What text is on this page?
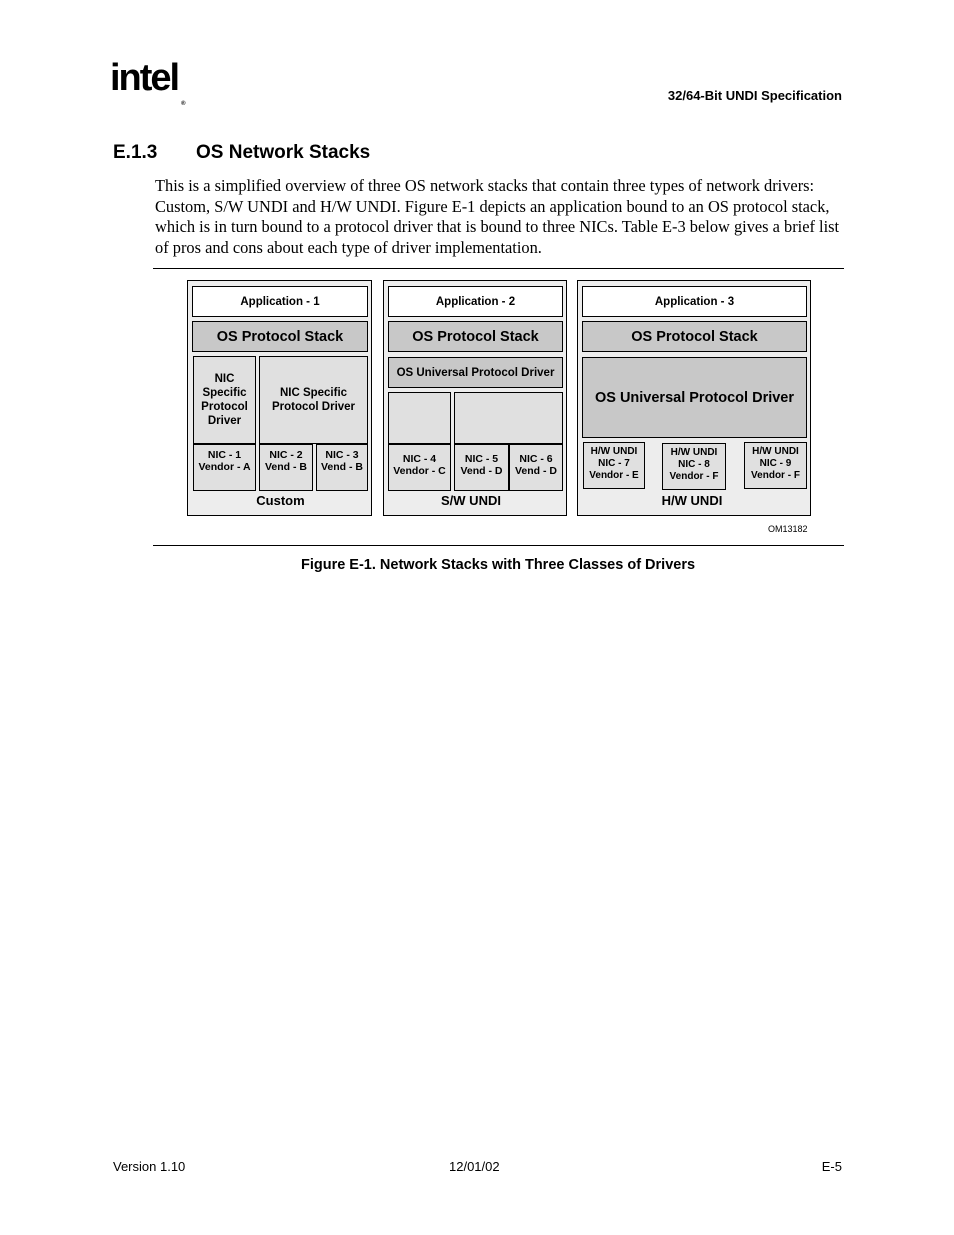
intel®
32/64-Bit UNDI Specification
E.1.3 OS Network Stacks
This is a simplified overview of three OS network stacks that contain three types of network drivers: Custom, S/W UNDI and H/W UNDI. Figure E-1 depicts an application bound to an OS protocol stack, which is in turn bound to a protocol driver that is bound to three NICs. Table E-3 below gives a brief list of pros and cons about each type of driver implementation.
Application - 1
OS Protocol Stack
NIC Specific Protocol Driver
NIC Specific Protocol Driver
NIC - 1 Vendor - A
NIC - 2 Vend - B
NIC - 3 Vend - B
Custom
Application - 2
OS Protocol Stack
OS Universal Protocol Driver
NIC - 4 Vendor - C
NIC - 5 Vend - D
NIC - 6 Vend - D
S/W UNDI
Application - 3
OS Protocol Stack
OS Universal Protocol Driver
H/W UNDI NIC - 7 Vendor - E
H/W UNDI NIC - 8 Vendor - F
H/W UNDI NIC - 9 Vendor - F
H/W UNDI
OM13182
Figure E-1. Network Stacks with Three Classes of Drivers
Version 1.10	12/01/02	E-5
